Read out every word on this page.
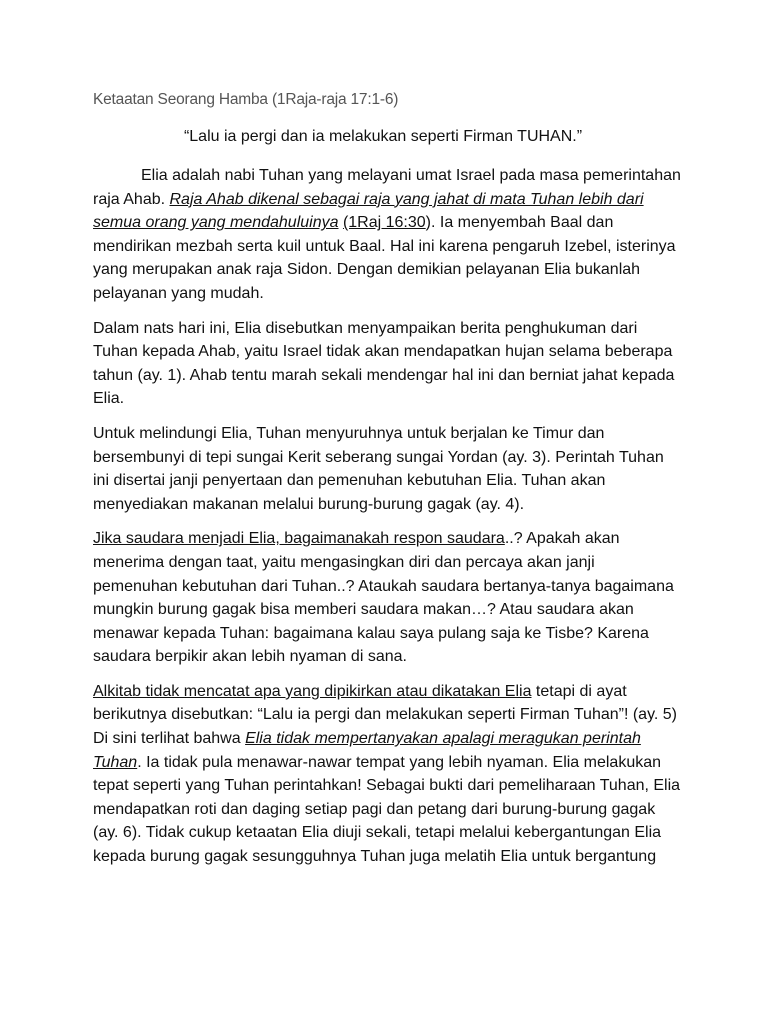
Ketaatan Seorang Hamba (1Raja-raja 17:1-6)
“Lalu ia pergi dan ia melakukan seperti Firman TUHAN.”

Elia adalah nabi Tuhan yang melayani umat Israel pada masa pemerintahan raja Ahab. Raja Ahab dikenal sebagai raja yang jahat di mata Tuhan lebih dari semua orang yang mendahuluinya (1Raj 16:30). Ia menyembah Baal dan mendirikan mezbah serta kuil untuk Baal. Hal ini karena pengaruh Izebel, isterinya yang merupakan anak raja Sidon. Dengan demikian pelayanan Elia bukanlah pelayanan yang mudah.

Dalam nats hari ini, Elia disebutkan menyampaikan berita penghukuman dari Tuhan kepada Ahab, yaitu Israel tidak akan mendapatkan hujan selama beberapa tahun (ay. 1). Ahab tentu marah sekali mendengar hal ini dan berniat jahat kepada Elia.

Untuk melindungi Elia, Tuhan menyuruhnya untuk berjalan ke Timur dan bersembunyi di tepi sungai Kerit seberang sungai Yordan (ay. 3). Perintah Tuhan ini disertai janji penyertaan dan pemenuhan kebutuhan Elia. Tuhan akan menyediakan makanan melalui burung-burung gagak (ay. 4).

Jika saudara menjadi Elia, bagaimanakah respon saudara..? Apakah akan menerima dengan taat, yaitu mengasingkan diri dan percaya akan janji pemenuhan kebutuhan dari Tuhan..? Ataukah saudara bertanya-tanya bagaimana mungkin burung gagak bisa memberi saudara makan…? Atau saudara akan menawar kepada Tuhan: bagaimana kalau saya pulang saja ke Tisbe? Karena saudara berpikir akan lebih nyaman di sana.

Alkitab tidak mencatat apa yang dipikirkan atau dikatakan Elia tetapi di ayat berikutnya disebutkan: “Lalu ia pergi dan melakukan seperti Firman Tuhan”! (ay. 5) Di sini terlihat bahwa Elia tidak mempertanyakan apalagi meragukan perintah Tuhan. Ia tidak pula menawar-nawar tempat yang lebih nyaman. Elia melakukan tepat seperti yang Tuhan perintahkan! Sebagai bukti dari pemeliharaan Tuhan, Elia mendapatkan roti dan daging setiap pagi dan petang dari burung-burung gagak (ay. 6). Tidak cukup ketaatan Elia diuji sekali, tetapi melalui kebergantungan Elia kepada burung gagak sesungguhnya Tuhan juga melatih Elia untuk bergantung
